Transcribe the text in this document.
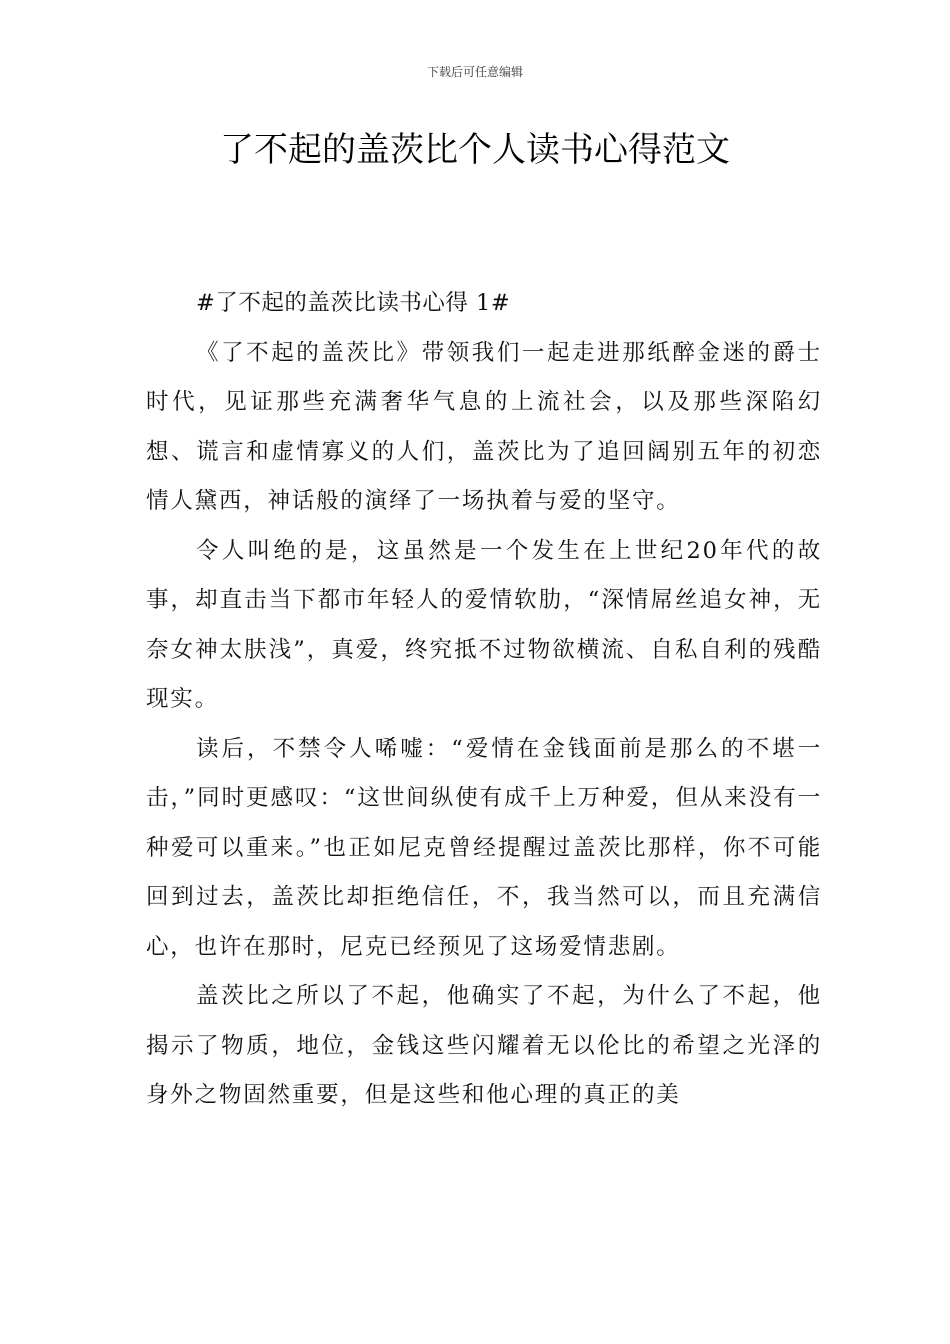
下载后可任意编辑
了不起的盖茨比个人读书心得范文

#了不起的盖茨比读书心得 1#

《了不起的盖茨比》带领我们一起走进那纸醉金迷的爵士时代，见证那些充满奢华气息的上流社会，以及那些深陷幻想、谎言和虚情寡义的人们，盖茨比为了追回阔别五年的初恋情人黛西，神话般的演绎了一场执着与爱的坚守。

令人叫绝的是，这虽然是一个发生在上世纪20年代的故事，却直击当下都市年轻人的爱情软肋，“深情屌丝追女神，无奈女神太肤浅”，真爱，终究抵不过物欲横流、自私自利的残酷现实。

读后，不禁令人唏嘘：“爱情在金钱面前是那么的不堪一击，”同时更感叹：“这世间纵使有成千上万种爱，但从来没有一种爱可以重来。”也正如尼克曾经提醒过盖茨比那样，你不可能回到过去，盖茨比却拒绝信任，不，我当然可以，而且充满信心，也许在那时，尼克已经预见了这场爱情悲剧。

盖茨比之所以了不起，他确实了不起，为什么了不起，他揭示了物质，地位，金钱这些闪耀着无以伦比的希望之光泽的身外之物固然重要，但是这些和他心理的真正的美
